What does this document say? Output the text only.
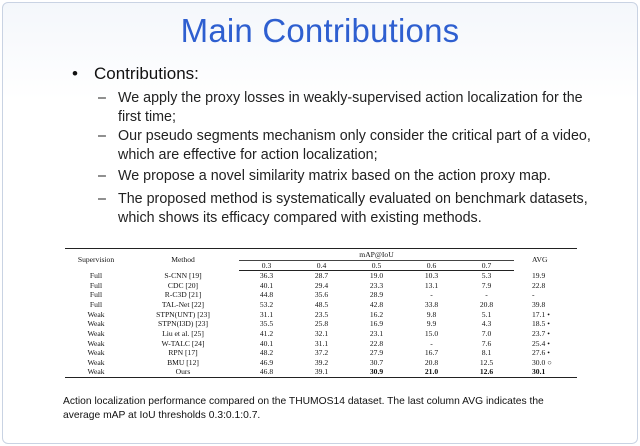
Main Contributions
• Contributions:
– We apply the proxy losses in weakly-supervised action localization for the first time;
– Our pseudo segments mechanism only consider the critical part of a video, which are effective for action localization;
– We propose a novel similarity matrix based on the action proxy map.
– The proposed method is systematically evaluated on benchmark datasets, which shows its efficacy compared with existing methods.
Supervision	Method	mAP@IoU					AVG
		0.3	0.4	0.5	0.6	0.7	
Full	S-CNN [19]	36.3	28.7	19.0	10.3	5.3	19.9
Full	CDC [20]	40.1	29.4	23.3	13.1	7.9	22.8
Full	R-C3D [21]	44.8	35.6	28.9	-	-	-
Full	TAL-Net [22]	53.2	48.5	42.8	33.8	20.8	39.8
Weak	STPN(UNT) [23]	31.1	23.5	16.2	9.8	5.1	17.1 •
Weak	STPN(I3D) [23]	35.5	25.8	16.9	9.9	4.3	18.5 •
Weak	Liu et al. [25]	41.2	32.1	23.1	15.0	7.0	23.7 •
Weak	W-TALC [24]	40.1	31.1	22.8	-	7.6	25.4 •
Weak	RPN [17]	48.2	37.2	27.9	16.7	8.1	27.6 •
Weak	BMU [12]	46.9	39.2	30.7	20.8	12.5	30.0 ○
Weak	Ours	46.8	39.1	30.9	21.0	12.6	30.1
Action localization performance compared on the THUMOS14 dataset. The last column AVG indicates the average mAP at IoU thresholds 0.3:0.1:0.7.
